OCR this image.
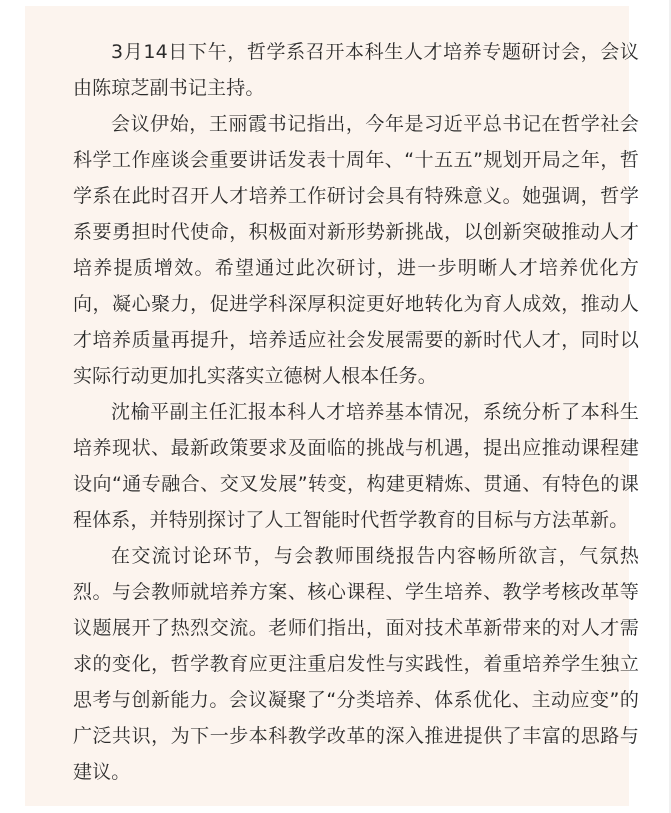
3月14日下午，哲学系召开本科生人才培养专题研讨会，会议由陈琼芝副书记主持。

会议伊始，王丽霞书记指出，今年是习近平总书记在哲学社会科学工作座谈会重要讲话发表十周年、“十五五”规划开局之年，哲学系在此时召开人才培养工作研讨会具有特殊意义。她强调，哲学系要勇担时代使命，积极面对新形势新挑战，以创新突破推动人才培养提质增效。希望通过此次研讨，进一步明晰人才培养优化方向，凝心聚力，促进学科深厚积淀更好地转化为育人成效，推动人才培养质量再提升，培养适应社会发展需要的新时代人才，同时以实际行动更加扎实落实立德树人根本任务。

沈榆平副主任汇报本科人才培养基本情况，系统分析了本科生培养现状、最新政策要求及面临的挑战与机遇，提出应推动课程建设向“通专融合、交叉发展”转变，构建更精炼、贯通、有特色的课程体系，并特别探讨了人工智能时代哲学教育的目标与方法革新。

在交流讨论环节，与会教师围绕报告内容畅所欲言，气氛热烈。与会教师就培养方案、核心课程、学生培养、教学考核改革等议题展开了热烈交流。老师们指出，面对技术革新带来的对人才需求的变化，哲学教育应更注重启发性与实践性，着重培养学生独立思考与创新能力。会议凝聚了“分类培养、体系优化、主动应变”的广泛共识，为下一步本科教学改革的深入推进提供了丰富的思路与建议。
